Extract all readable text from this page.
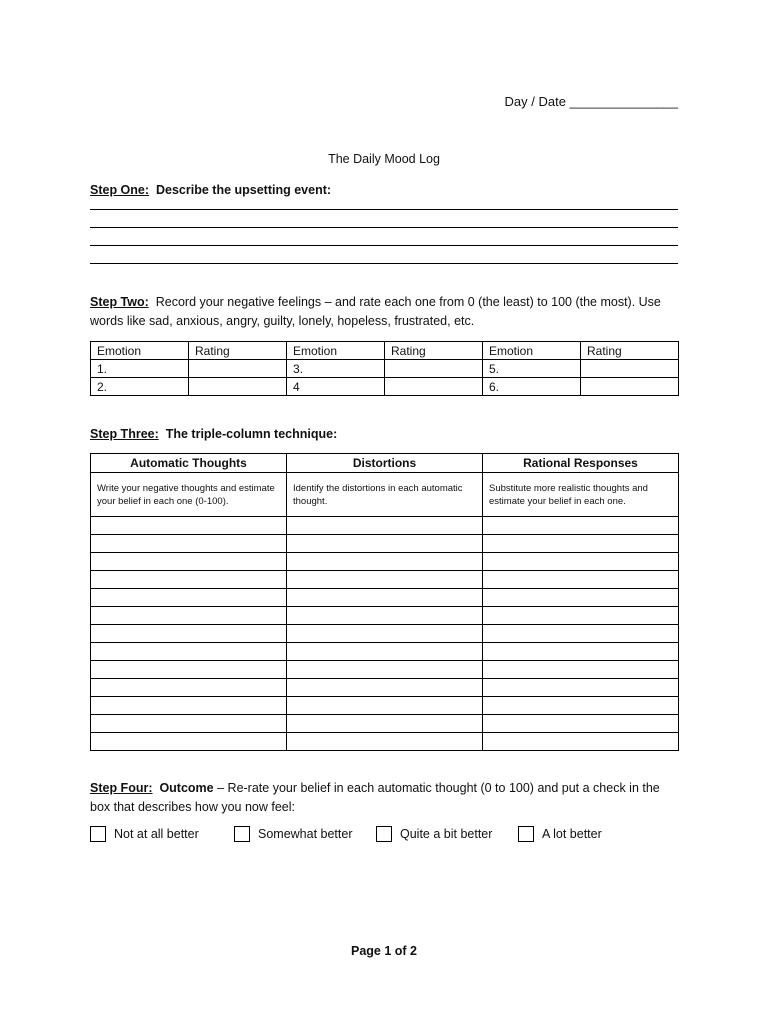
Day / Date _______________
The Daily Mood Log
Step One: Describe the upsetting event:
Step Two: Record your negative feelings – and rate each one from 0 (the least) to 100 (the most). Use words like sad, anxious, angry, guilty, lonely, hopeless, frustrated, etc.
Emotion	Rating	Emotion	Rating	Emotion	Rating
1.		3.		5.	
2.		4		6.	
Step Three: The triple-column technique:
Automatic Thoughts	Distortions	Rational Responses
Write your negative thoughts and estimate your belief in each one (0-100).	Identify the distortions in each automatic thought.	Substitute more realistic thoughts and estimate your belief in each one.

Step Four: Outcome – Re-rate your belief in each automatic thought (0 to 100) and put a check in the box that describes how you now feel:
Not at all better	Somewhat better	Quite a bit better	A lot better
Page 1 of 2
